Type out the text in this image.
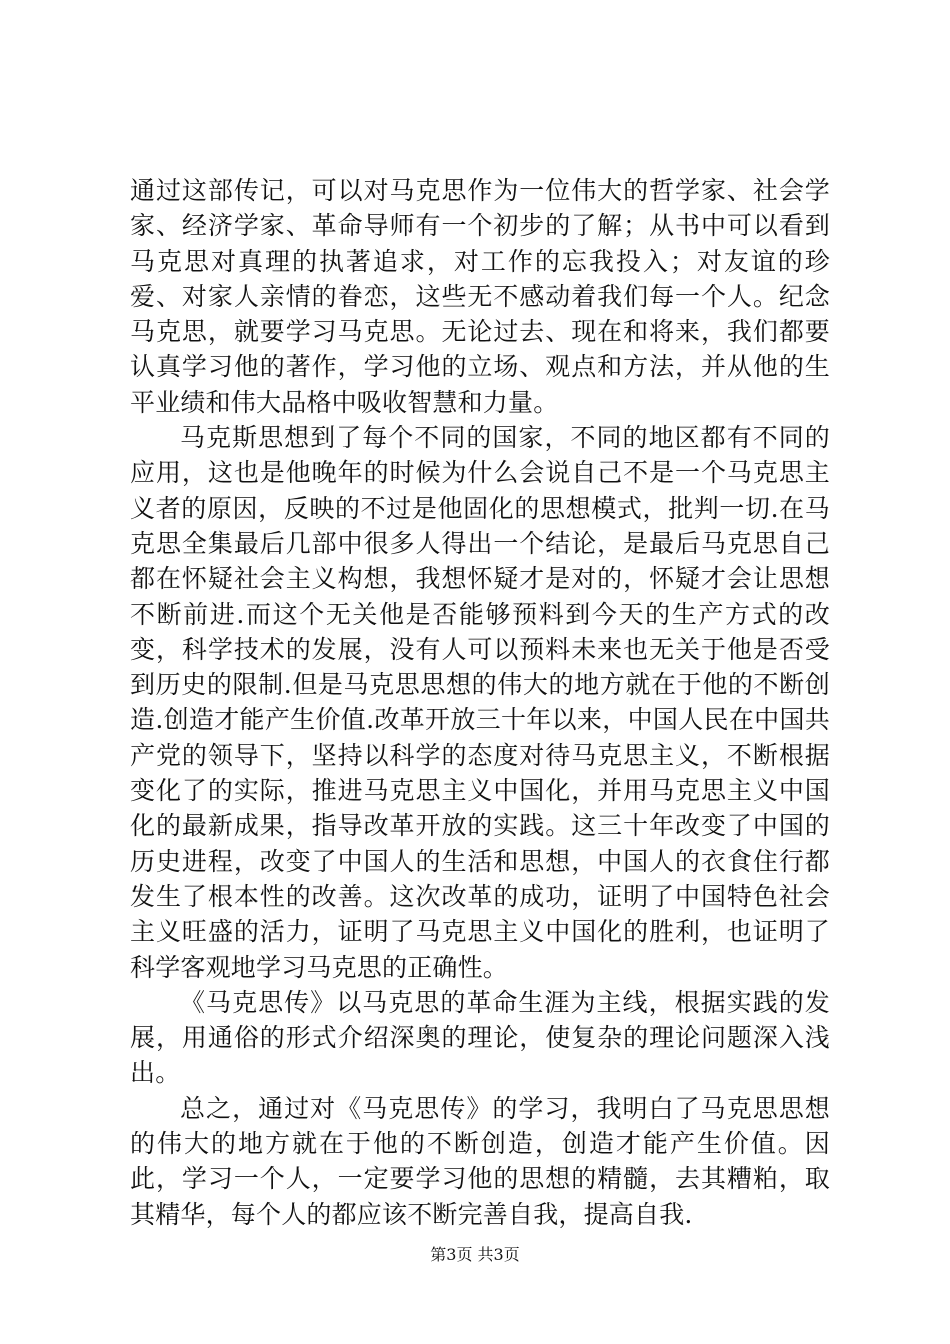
通过这部传记，可以对马克思作为一位伟大的哲学家、社会学家、经济学家、革命导师有一个初步的了解；从书中可以看到马克思对真理的执著追求，对工作的忘我投入；对友谊的珍爱、对家人亲情的眷恋，这些无不感动着我们每一个人。纪念马克思，就要学习马克思。无论过去、现在和将来，我们都要认真学习他的著作，学习他的立场、观点和方法，并从他的生平业绩和伟大品格中吸收智慧和力量。

马克斯思想到了每个不同的国家，不同的地区都有不同的应用，这也是他晚年的时候为什么会说自己不是一个马克思主义者的原因，反映的不过是他固化的思想模式，批判一切.在马克思全集最后几部中很多人得出一个结论，是最后马克思自己都在怀疑社会主义构想，我想怀疑才是对的，怀疑才会让思想不断前进.而这个无关他是否能够预料到今天的生产方式的改变，科学技术的发展，没有人可以预料未来也无关于他是否受到历史的限制.但是马克思思想的伟大的地方就在于他的不断创造.创造才能产生价值.改革开放三十年以来，中国人民在中国共产党的领导下，坚持以科学的态度对待马克思主义，不断根据变化了的实际，推进马克思主义中国化，并用马克思主义中国化的最新成果，指导改革开放的实践。这三十年改变了中国的历史进程，改变了中国人的生活和思想，中国人的衣食住行都发生了根本性的改善。这次改革的成功，证明了中国特色社会主义旺盛的活力，证明了马克思主义中国化的胜利，也证明了科学客观地学习马克思的正确性。

《马克思传》以马克思的革命生涯为主线，根据实践的发展，用通俗的形式介绍深奥的理论，使复杂的理论问题深入浅出。

总之，通过对《马克思传》的学习，我明白了马克思思想的伟大的地方就在于他的不断创造，创造才能产生价值。因此，学习一个人，一定要学习他的思想的精髓，去其糟粕，取其精华，每个人的都应该不断完善自我，提高自我.

第3页 共3页
